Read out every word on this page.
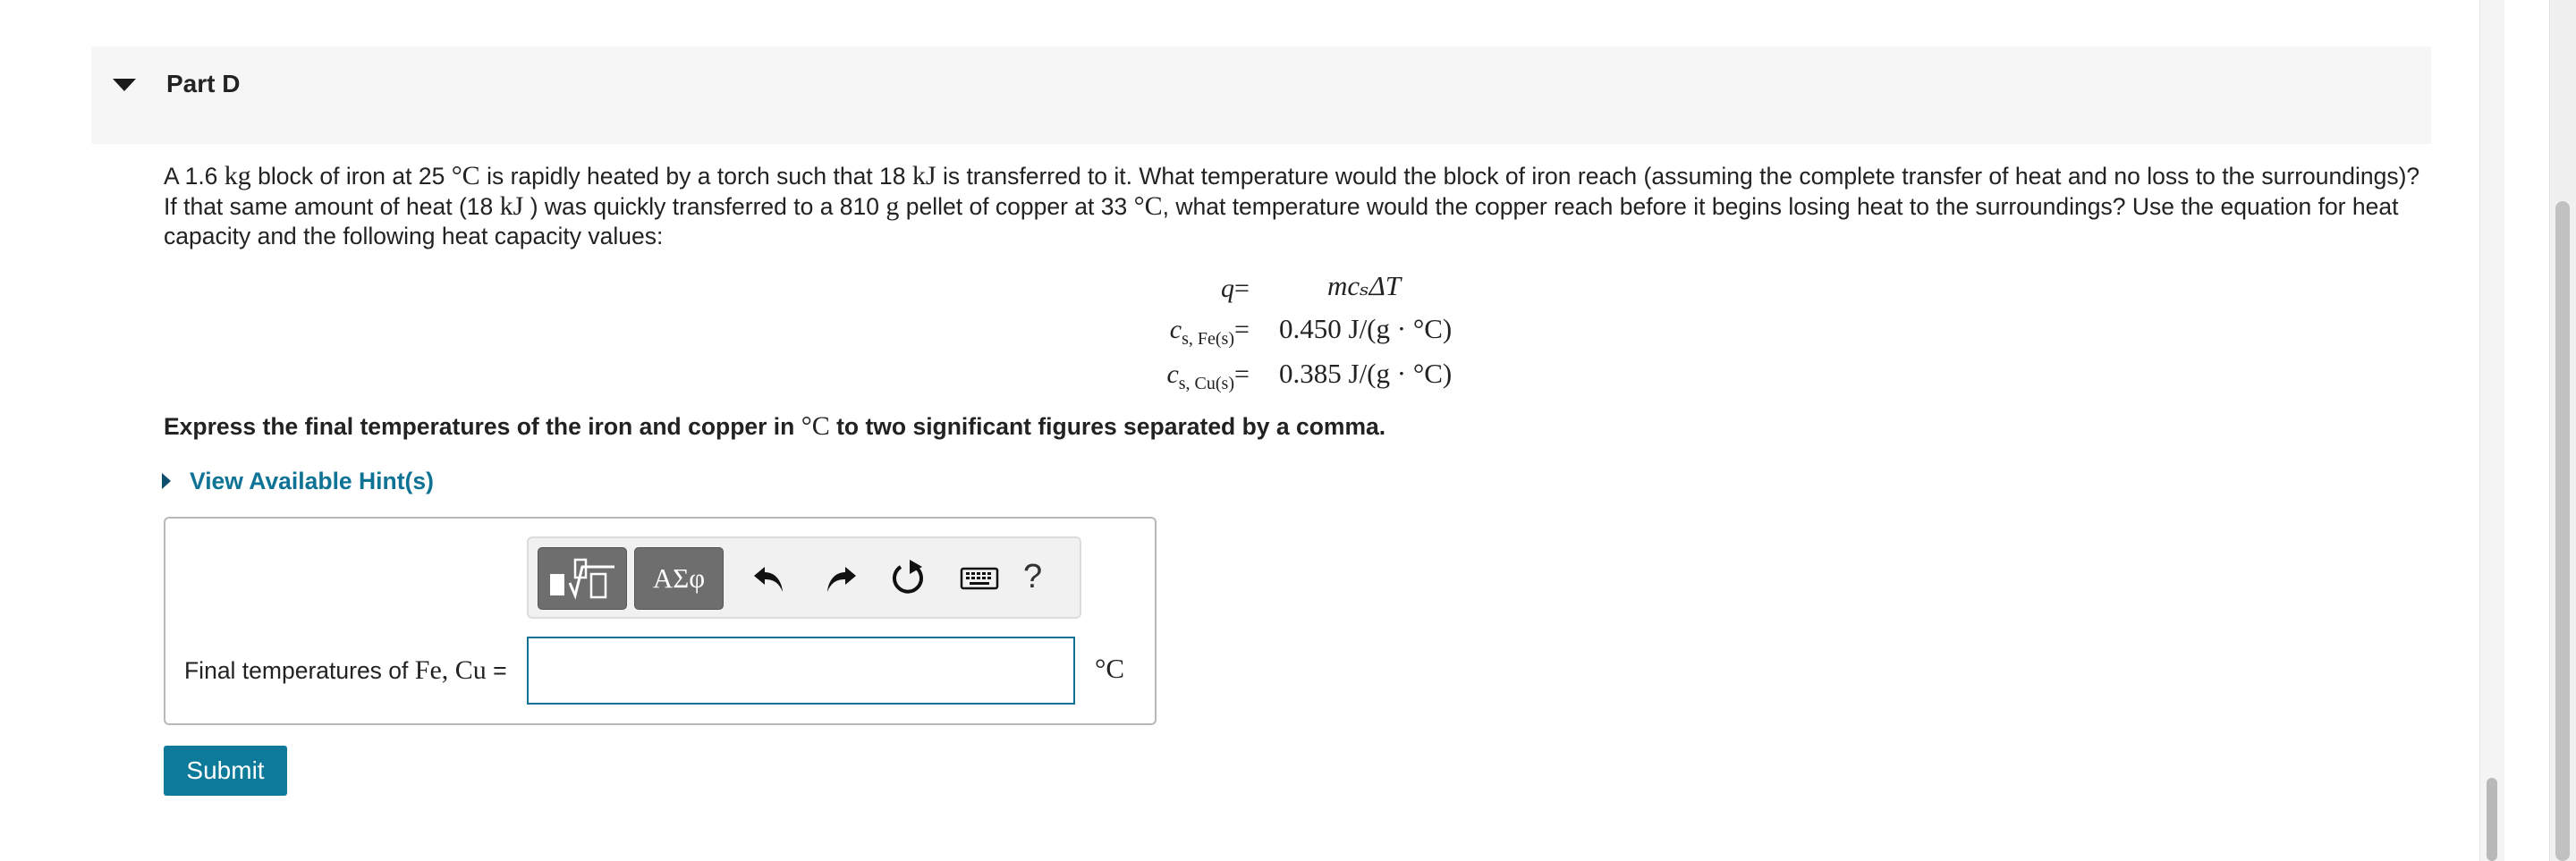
Part D
A 1.6 kg block of iron at 25 °C is rapidly heated by a torch such that 18 kJ is transferred to it. What temperature would the block of iron reach (assuming the complete transfer of heat and no loss to the surroundings)? If that same amount of heat (18 kJ ) was quickly transferred to a 810 g pellet of copper at 33 °C, what temperature would the copper reach before it begins losing heat to the surroundings? Use the equation for heat capacity and the following heat capacity values:
q =	mcₛΔT
$c_{s, Fe(s)} = 0.450$ J/(g · °C)
$c_{s, Cu(s)} = 0.385$ J/(g · °C)
Express the final temperatures of the iron and copper in °C to two significant figures separated by a comma.
View Available Hint(s)
ΑΣφ	?
Final temperatures of Fe, Cu =	°C
Submit
